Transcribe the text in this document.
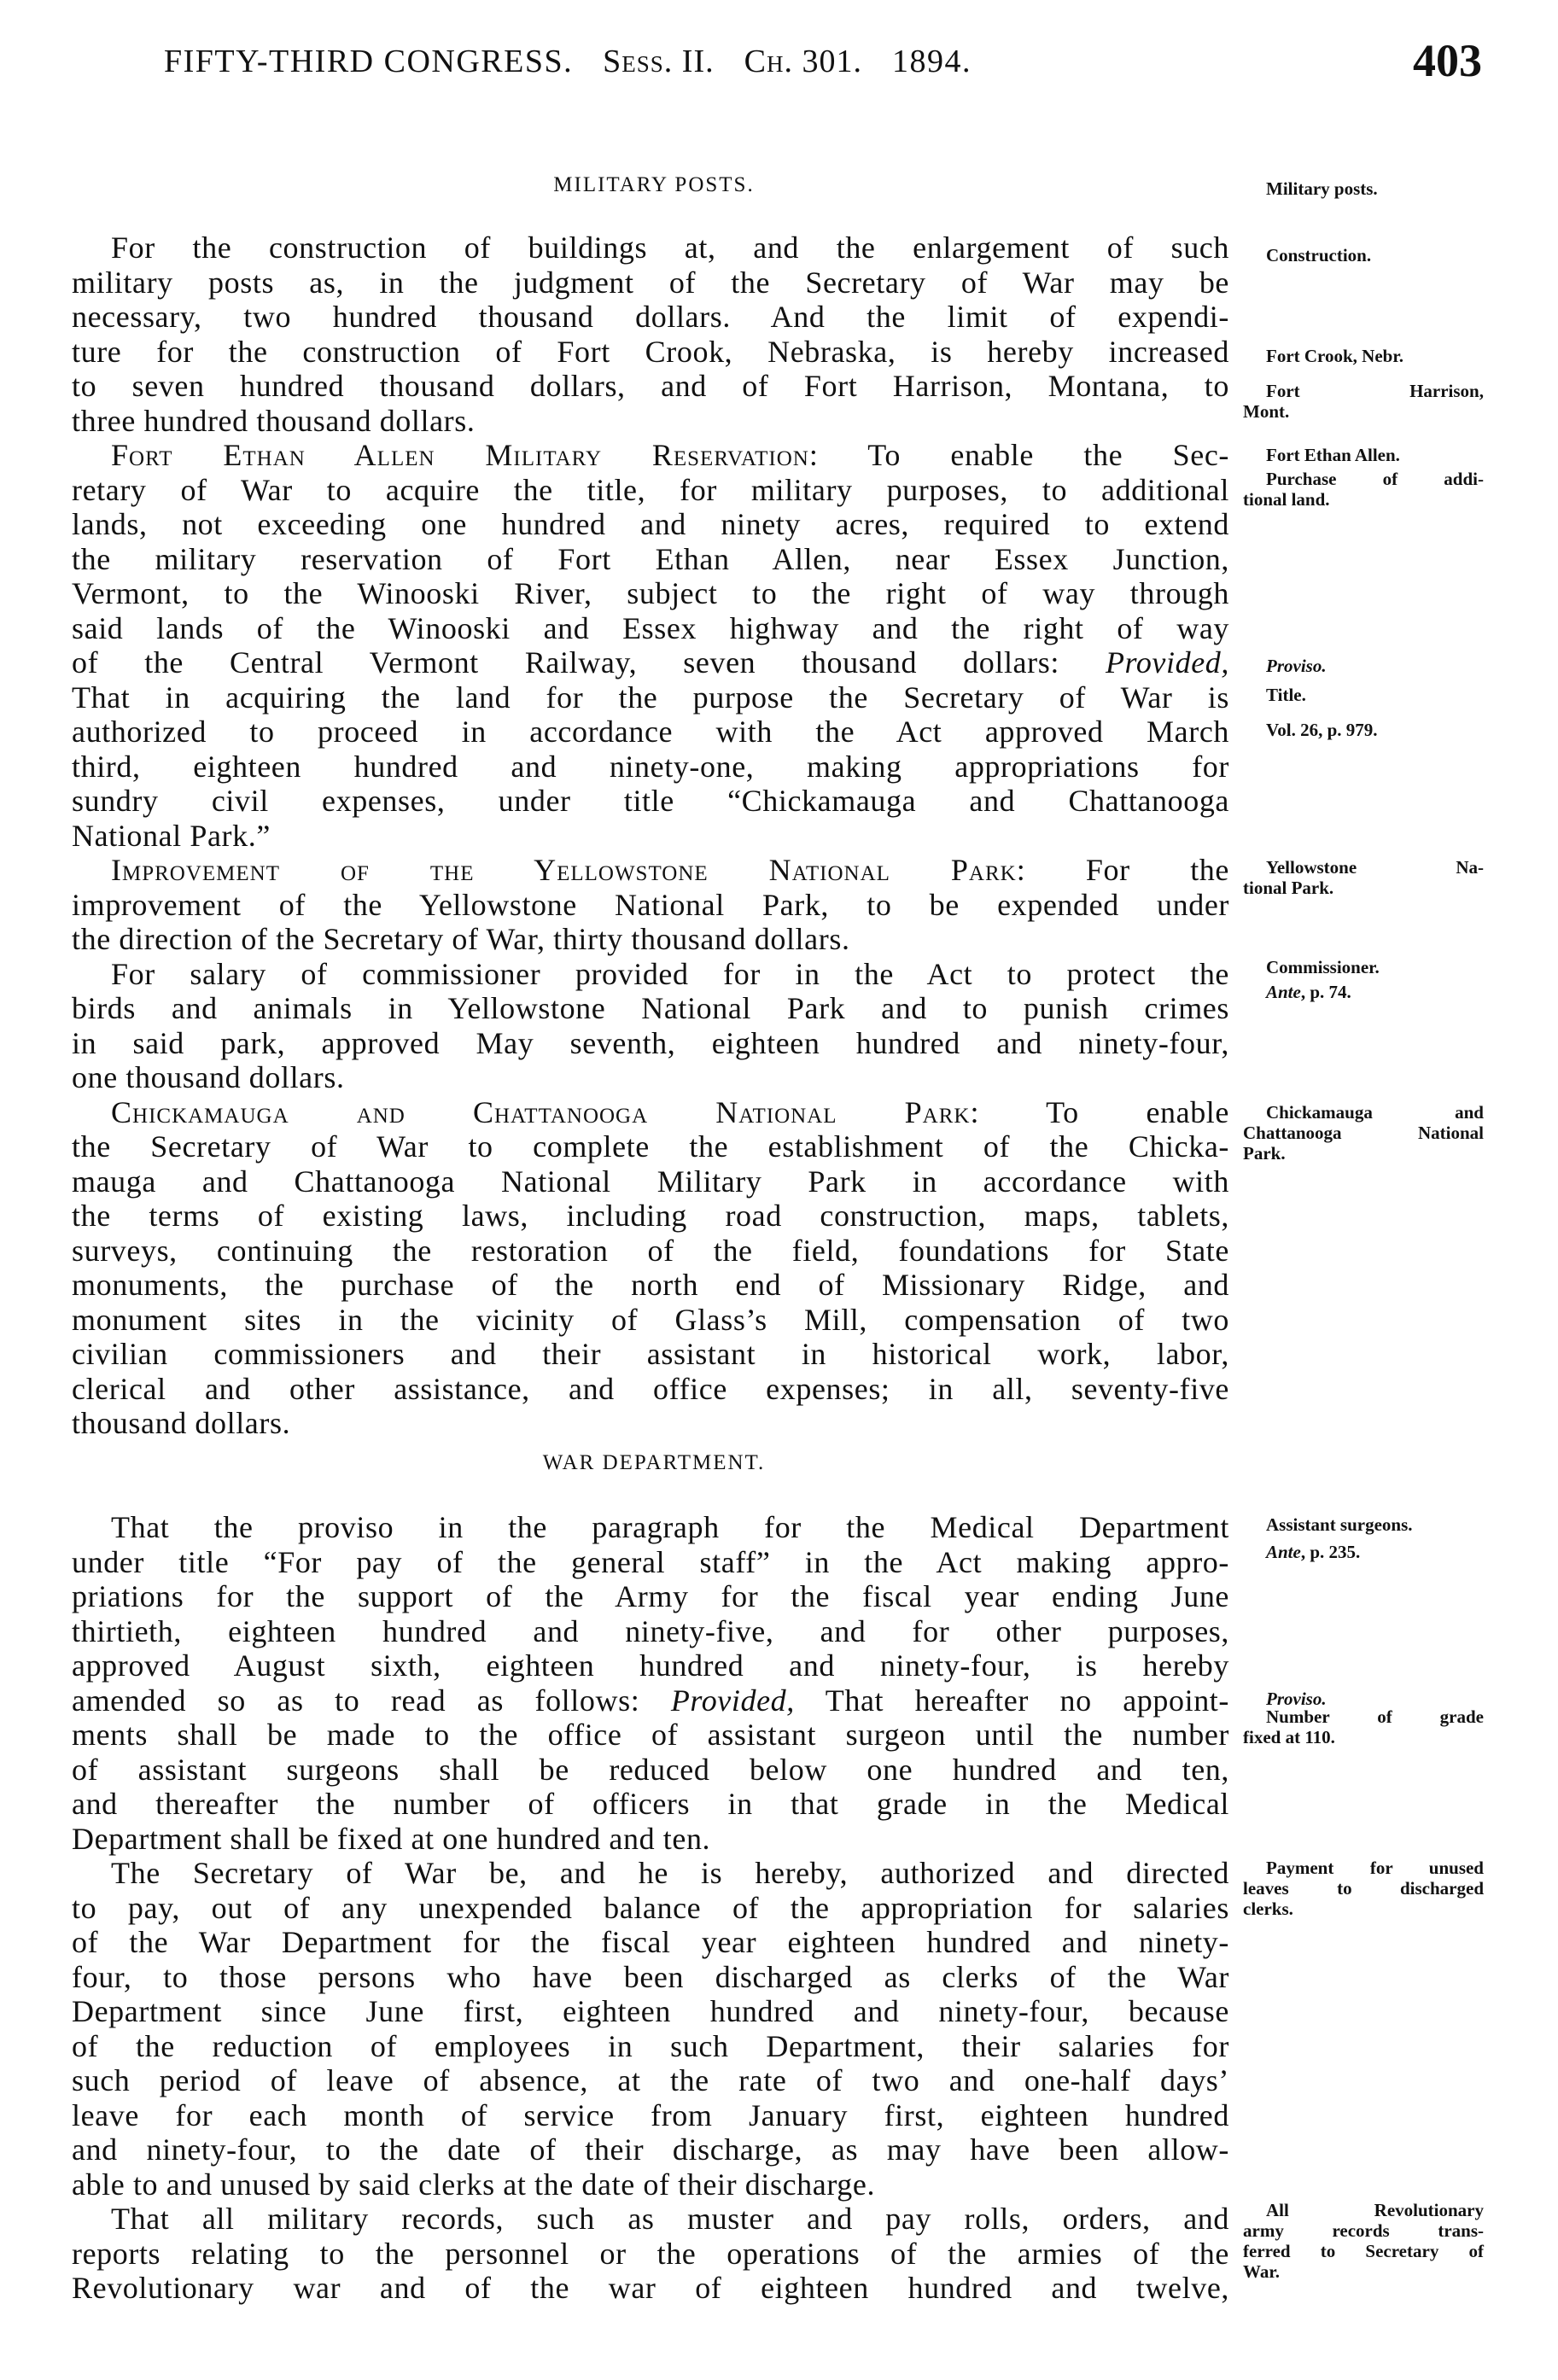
FIFTY-THIRD CONGRESS. Sess. II. Ch. 301. 1894.	403
MILITARY POSTS.
For the construction of buildings at, and the enlargement of such
military posts as, in the judgment of the Secretary of War may be
necessary, two hundred thousand dollars. And the limit of expendi-
ture for the construction of Fort Crook, Nebraska, is hereby increased
to seven hundred thousand dollars, and of Fort Harrison, Montana, to
three hundred thousand dollars.
Fort Ethan Allen Military Reservation: To enable the Sec-
retary of War to acquire the title, for military purposes, to additional
lands, not exceeding one hundred and ninety acres, required to extend
the military reservation of Fort Ethan Allen, near Essex Junction,
Vermont, to the Winooski River, subject to the right of way through
said lands of the Winooski and Essex highway and the right of way
of the Central Vermont Railway, seven thousand dollars: Provided,
That in acquiring the land for the purpose the Secretary of War is
authorized to proceed in accordance with the Act approved March
third, eighteen hundred and ninety-one, making appropriations for
sundry civil expenses, under title “Chickamauga and Chattanooga
National Park.”
Improvement of the Yellowstone National Park: For the
improvement of the Yellowstone National Park, to be expended under
the direction of the Secretary of War, thirty thousand dollars.
For salary of commissioner provided for in the Act to protect the
birds and animals in Yellowstone National Park and to punish crimes
in said park, approved May seventh, eighteen hundred and ninety-four,
one thousand dollars.
Chickamauga and Chattanooga National Park: To enable
the Secretary of War to complete the establishment of the Chicka-
mauga and Chattanooga National Military Park in accordance with
the terms of existing laws, including road construction, maps, tablets,
surveys, continuing the restoration of the field, foundations for State
monuments, the purchase of the north end of Missionary Ridge, and
monument sites in the vicinity of Glass’s Mill, compensation of two
civilian commissioners and their assistant in historical work, labor,
clerical and other assistance, and office expenses; in all, seventy-five
thousand dollars.
WAR DEPARTMENT.
That the proviso in the paragraph for the Medical Department
under title “For pay of the general staff” in the Act making appro-
priations for the support of the Army for the fiscal year ending June
thirtieth, eighteen hundred and ninety-five, and for other purposes,
approved August sixth, eighteen hundred and ninety-four, is hereby
amended so as to read as follows: Provided, That hereafter no appoint-
ments shall be made to the office of assistant surgeon until the number
of assistant surgeons shall be reduced below one hundred and ten,
and thereafter the number of officers in that grade in the Medical
Department shall be fixed at one hundred and ten.
The Secretary of War be, and he is hereby, authorized and directed
to pay, out of any unexpended balance of the appropriation for salaries
of the War Department for the fiscal year eighteen hundred and ninety-
four, to those persons who have been discharged as clerks of the War
Department since June first, eighteen hundred and ninety-four, because
of the reduction of employees in such Department, their salaries for
such period of leave of absence, at the rate of two and one-half days’
leave for each month of service from January first, eighteen hundred
and ninety-four, to the date of their discharge, as may have been allow-
able to and unused by said clerks at the date of their discharge.
That all military records, such as muster and pay rolls, orders, and
reports relating to the personnel or the operations of the armies of the
Revolutionary war and of the war of eighteen hundred and twelve,
Military posts.
Construction.
Fort Crook, Nebr.
Fort Harrison,
Mont.
Fort Ethan Allen.
Purchase of addi-
tional land.
Proviso.
Title.
Vol. 26, p. 979.
Yellowstone Na-
tional Park.
Commissioner.
Ante, p. 74.
Chickamauga and
Chattanooga National
Park.
Assistant surgeons.
Ante, p. 235.
Proviso.
Number of grade
fixed at 110.
Payment for unused
leaves to discharged
clerks.
All Revolutionary
army records trans-
ferred to Secretary of
War.
